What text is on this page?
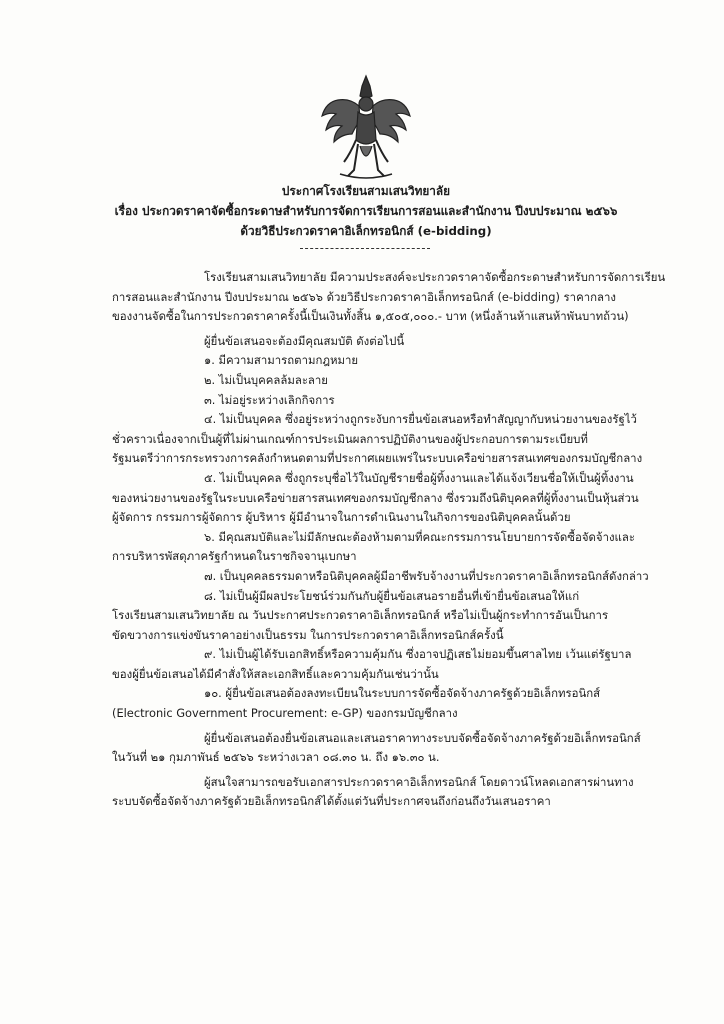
ประกาศโรงเรียนสามเสนวิทยาลัย
เรื่อง ประกวดราคาจัดซื้อกระดาษสำหรับการจัดการเรียนการสอนและสำนักงาน ปีงบประมาณ ๒๕๖๖
ด้วยวิธีประกวดราคาอิเล็กทรอนิกส์ (e-bidding)
โรงเรียนสามเสนวิทยาลัย มีความประสงค์จะประกวดราคาจัดซื้อกระดาษสำหรับการจัดการเรียน
การสอนและสำนักงาน ปีงบประมาณ ๒๕๖๖ ด้วยวิธีประกวดราคาอิเล็กทรอนิกส์ (e-bidding) ราคากลาง
ของงานจัดซื้อในการประกวดราคาครั้งนี้เป็นเงินทั้งสิ้น ๑,๕๐๕,๐๐๐.- บาท (หนึ่งล้านห้าแสนห้าพันบาทถ้วน)
ผู้ยื่นข้อเสนอจะต้องมีคุณสมบัติ ดังต่อไปนี้
๑. มีความสามารถตามกฎหมาย
๒. ไม่เป็นบุคคลล้มละลาย
๓. ไม่อยู่ระหว่างเลิกกิจการ
๔. ไม่เป็นบุคคล ซึ่งอยู่ระหว่างถูกระงับการยื่นข้อเสนอหรือทำสัญญากับหน่วยงานของรัฐไว้
ชั่วคราวเนื่องจากเป็นผู้ที่ไม่ผ่านเกณฑ์การประเมินผลการปฏิบัติงานของผู้ประกอบการตามระเบียบที่
รัฐมนตรีว่าการกระทรวงการคลังกำหนดตามที่ประกาศเผยแพร่ในระบบเครือข่ายสารสนเทศของกรมบัญชีกลาง
๕. ไม่เป็นบุคคล ซึ่งถูกระบุชื่อไว้ในบัญชีรายชื่อผู้ทิ้งงานและได้แจ้งเวียนชื่อให้เป็นผู้ทิ้งงาน
ของหน่วยงานของรัฐในระบบเครือข่ายสารสนเทศของกรมบัญชีกลาง ซึ่งรวมถึงนิติบุคคลที่ผู้ทิ้งงานเป็นหุ้นส่วน
ผู้จัดการ กรรมการผู้จัดการ ผู้บริหาร ผู้มีอำนาจในการดำเนินงานในกิจการของนิติบุคคลนั้นด้วย
๖. มีคุณสมบัติและไม่มีลักษณะต้องห้ามตามที่คณะกรรมการนโยบายการจัดซื้อจัดจ้างและ
การบริหารพัสดุภาครัฐกำหนดในราชกิจจานุเบกษา
๗. เป็นบุคคลธรรมดาหรือนิติบุคคลผู้มีอาชีพรับจ้างงานที่ประกวดราคาอิเล็กทรอนิกส์ดังกล่าว
๘. ไม่เป็นผู้มีผลประโยชน์ร่วมกันกับผู้ยื่นข้อเสนอรายอื่นที่เข้ายื่นข้อเสนอให้แก่
โรงเรียนสามเสนวิทยาลัย ณ วันประกาศประกวดราคาอิเล็กทรอนิกส์ หรือไม่เป็นผู้กระทำการอันเป็นการ
ขัดขวางการแข่งขันราคาอย่างเป็นธรรม ในการประกวดราคาอิเล็กทรอนิกส์ครั้งนี้
๙. ไม่เป็นผู้ได้รับเอกสิทธิ์หรือความคุ้มกัน ซึ่งอาจปฏิเสธไม่ยอมขึ้นศาลไทย เว้นแต่รัฐบาล
ของผู้ยื่นข้อเสนอได้มีคำสั่งให้สละเอกสิทธิ์และความคุ้มกันเช่นว่านั้น
๑๐. ผู้ยื่นข้อเสนอต้องลงทะเบียนในระบบการจัดซื้อจัดจ้างภาครัฐด้วยอิเล็กทรอนิกส์
(Electronic Government Procurement: e-GP) ของกรมบัญชีกลาง
ผู้ยื่นข้อเสนอต้องยื่นข้อเสนอและเสนอราคาทางระบบจัดซื้อจัดจ้างภาครัฐด้วยอิเล็กทรอนิกส์
ในวันที่ ๒๑ กุมภาพันธ์ ๒๕๖๖ ระหว่างเวลา ๐๘.๓๐ น. ถึง ๑๖.๓๐ น.
ผู้สนใจสามารถขอรับเอกสารประกวดราคาอิเล็กทรอนิกส์ โดยดาวน์โหลดเอกสารผ่านทาง
ระบบจัดซื้อจัดจ้างภาครัฐด้วยอิเล็กทรอนิกส์ได้ตั้งแต่วันที่ประกาศจนถึงก่อนถึงวันเสนอราคา
